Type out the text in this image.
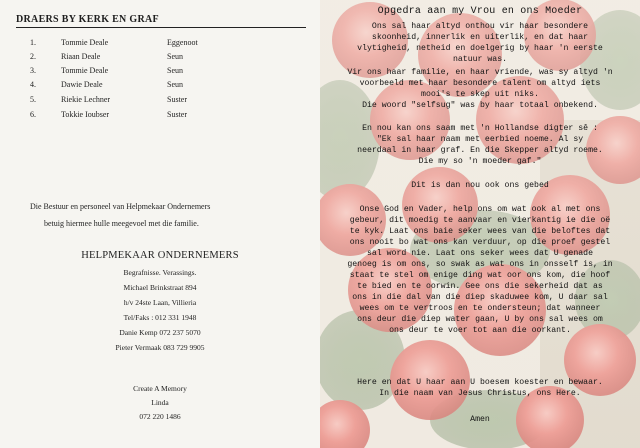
DRAERS BY KERK EN GRAF
1.	Tommie Deale	Eggenoot
2.	Riaan Deale	Seun
3.	Tommie Deale	Seun
4.	Dawie Deale	Seun
5.	Riekie Lechner	Suster
6.	Tokkie Ioubser	Suster
Die Bestuur en personeel van Helpmekaar Ondernemers
betuig hiermee hulle meegevoel met die familie.
HELPMEKAAR ONDERNEMERS
Begrafnisse. Verassings.
Michael Brinkstraat 894
h/v 24ste Laan, Villieria
Tel/Faks : 012 331 1948
Danie Kemp 072 237 5070
Pieter Vermaak 083 729 9905
Create A Memory
Linda
072 220 1486
Opgedra aan my Vrou en ons Moeder
Ons sal haar altyd onthou vir haar besondere
skoonheid, innerlik en uiterlik, en dat haar
vlytigheid, netheid en doelgerig by haar 'n eerste
natuur was.
Vir ons haar familie, en haar vriende, was sy altyd 'n
voorbeeld met haar besondere talent om altyd iets
mooi's te skep uit niks.
Die woord "selfsug" was by haar totaal onbekend.
En nou kan ons saam met 'n Hollandse digter sê :
"Ek sal haar naam met eerbied noeme. Al sy
neerdaal in haar graf. En die Skepper altyd roeme.
Die my so 'n moeder gaf."
Dit is dan nou ook ons gebed
Onse God en Vader, help ons om wat ook al met ons
gebeur, dit moedig te aanvaar en vierkantig ie die oë
te kyk. Laat ons baie seker wees van die beloftes dat
ons nooit bo wat ons kan verduur, op die proef gestel
sal word nie. Laat ons seker wees dat U genade
genoeg is om ons, so swak as wat ons in onsself is, in
staat te stel om enige ding wat oor ons kom, die hoof
te bied en te oorwin. Gee ons die sekerheid dat as
ons in die dal van die diep skaduwee kom, U daar sal
wees om te vertroos en te ondersteun; dat wanneer
ons deur die diep water gaan, U by ons sal wees om
ons deur te voer tot aan die oorkant.
Here en dat U haar aan U boesem koester en bewaar.
In die naam van Jesus Christus, ons Here.
Amen
